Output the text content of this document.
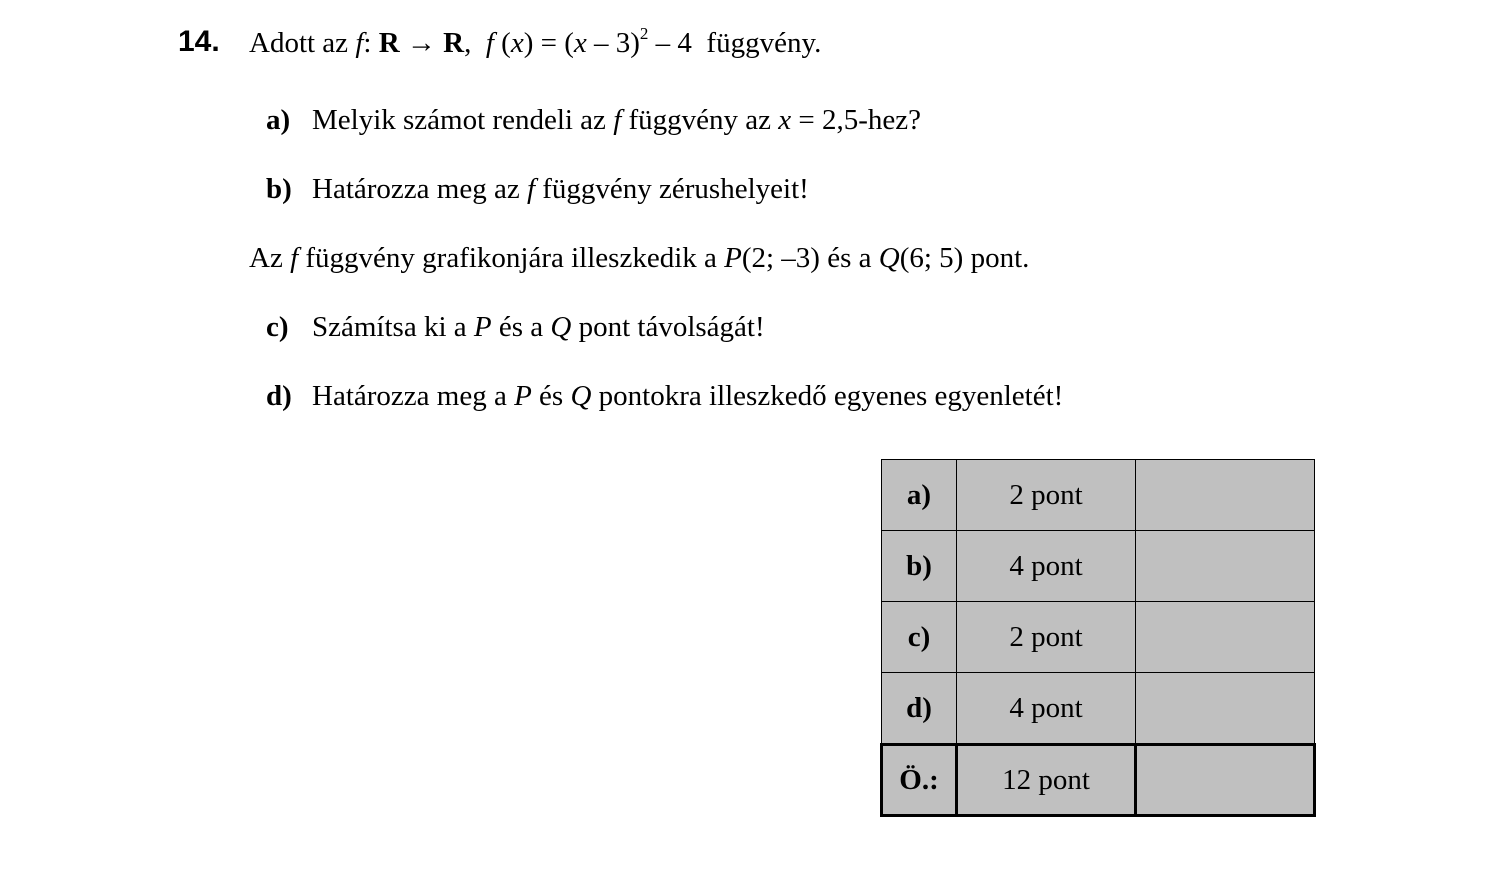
14. Adott az f: R → R,  f (x) = (x – 3)$^2$ – 4  függvény.
a) Melyik számot rendeli az f függvény az x = 2,5-hez?
b) Határozza meg az f függvény zérushelyeit!
Az f függvény grafikonjára illeszkedik a P(2; –3) és a Q(6; 5) pont.
c) Számítsa ki a P és a Q pont távolságát!
d) Határozza meg a P és Q pontokra illeszkedő egyenes egyenletét!
a)	2 pont	
b)	4 pont	
c)	2 pont	
d)	4 pont	
Ö.:	12 pont	
